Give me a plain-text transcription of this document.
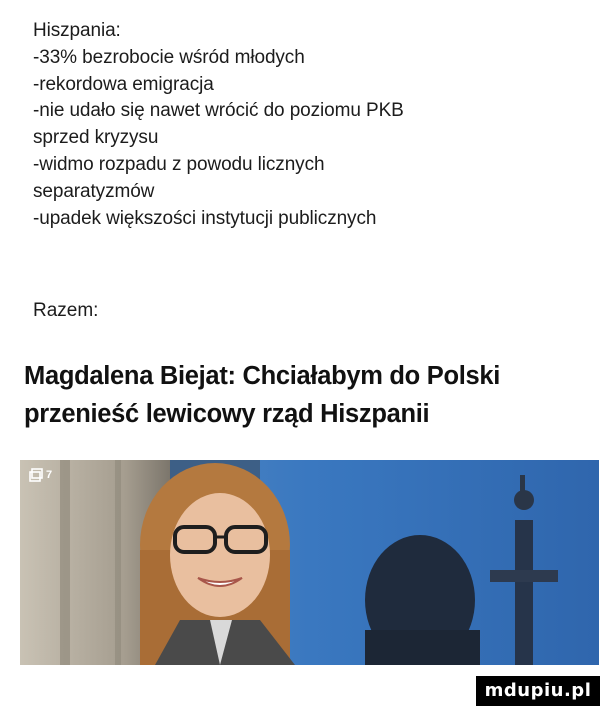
Hiszpania:
-33% bezrobocie wśród młodych
-rekordowa emigracja
-nie udało się nawet wrócić do poziomu PKB
sprzed kryzysu
-widmo rozpadu z powodu licznych
separatyzmów
-upadek większości instytucji publicznych
Razem:
Magdalena Biejat: Chciałabym do Polski
przenieść lewicowy rząd Hiszpanii
7
mdupiu.pl
